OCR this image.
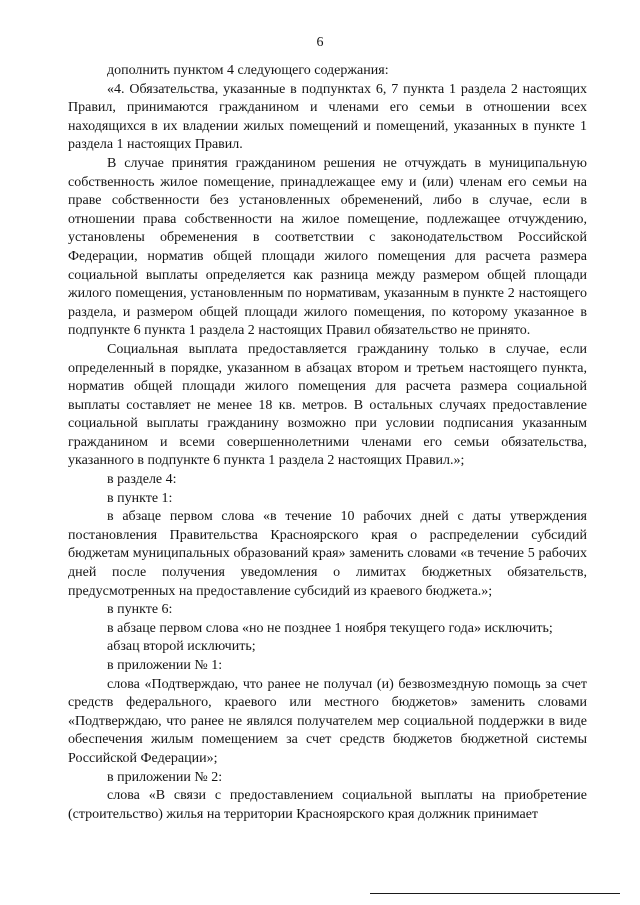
6

дополнить пунктом 4 следующего содержания:

«4. Обязательства, указанные в подпунктах 6, 7 пункта 1 раздела 2 настоящих Правил, принимаются гражданином и членами его семьи в отношении всех находящихся в их владении жилых помещений и помещений, указанных в пункте 1 раздела 1 настоящих Правил.

В случае принятия гражданином решения не отчуждать в муниципальную собственность жилое помещение, принадлежащее ему и (или) членам его семьи на праве собственности без установленных обременений, либо в случае, если в отношении права собственности на жилое помещение, подлежащее отчуждению, установлены обременения в соответствии с законодательством Российской Федерации, норматив общей площади жилого помещения для расчета размера социальной выплаты определяется как разница между размером общей площади жилого помещения, установленным по нормативам, указанным в пункте 2 настоящего раздела, и размером общей площади жилого помещения, по которому указанное в подпункте 6 пункта 1 раздела 2 настоящих Правил обязательство не принято.

Социальная выплата предоставляется гражданину только в случае, если определенный в порядке, указанном в абзацах втором и третьем настоящего пункта, норматив общей площади жилого помещения для расчета размера социальной выплаты составляет не менее 18 кв. метров. В остальных случаях предоставление социальной выплаты гражданину возможно при условии подписания указанным гражданином и всеми совершеннолетними членами его семьи обязательства, указанного в подпункте 6 пункта 1 раздела 2 настоящих Правил.»;

в разделе 4:

в пункте 1:

в абзаце первом слова «в течение 10 рабочих дней с даты утверждения постановления Правительства Красноярского края о распределении субсидий бюджетам муниципальных образований края» заменить словами «в течение 5 рабочих дней после получения уведомления о лимитах бюджетных обязательств, предусмотренных на предоставление субсидий из краевого бюджета.»;

в пункте 6:

в абзаце первом слова «но не позднее 1 ноября текущего года» исключить;

абзац второй исключить;

в приложении № 1:

слова «Подтверждаю, что ранее не получал (и) безвозмездную помощь за счет средств федерального, краевого или местного бюджетов» заменить словами «Подтверждаю, что ранее не являлся получателем мер социальной поддержки в виде обеспечения жилым помещением за счет средств бюджетов бюджетной системы Российской Федерации»;

в приложении № 2:

слова «В связи с предоставлением социальной выплаты на приобретение (строительство) жилья на территории Красноярского края должник принимает
